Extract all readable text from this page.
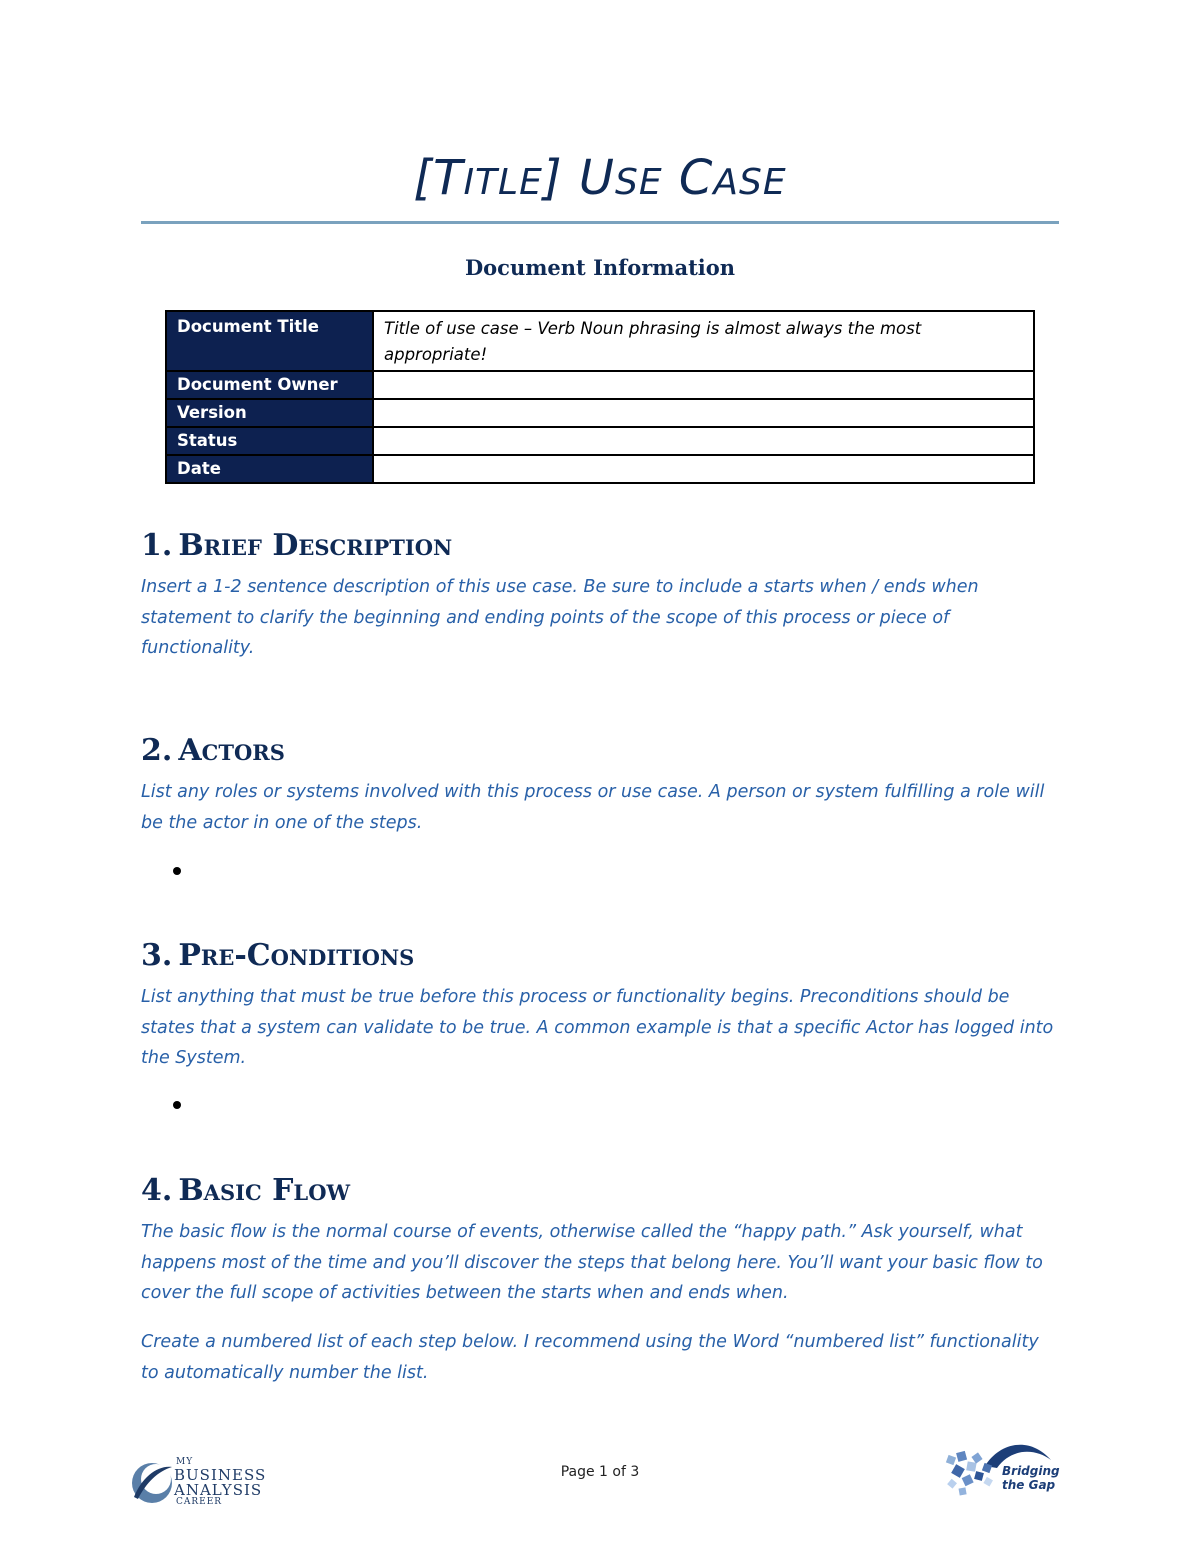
[TITLE] USE CASE
Document Information
Document Title	Title of use case – Verb Noun phrasing is almost always the most appropriate!
Document Owner	
Version	
Status	
Date	
1. Brief Description

Insert a 1-2 sentence description of this use case. Be sure to include a starts when / ends when statement to clarify the beginning and ending points of the scope of this process or piece of functionality.

2. Actors

List any roles or systems involved with this process or use case. A person or system fulfilling a role will be the actor in one of the steps.

3. Pre-Conditions

List anything that must be true before this process or functionality begins. Preconditions should be states that a system can validate to be true. A common example is that a specific Actor has logged into the System.

4. Basic Flow

The basic flow is the normal course of events, otherwise called the “happy path.” Ask yourself, what happens most of the time and you’ll discover the steps that belong here. You’ll want your basic flow to cover the full scope of activities between the starts when and ends when.

Create a numbered list of each step below. I recommend using the Word “numbered list” functionality to automatically number the list.

MY
BUSINESS
ANALYSIS
CAREER
Page 1 of 3	Bridging
the Gap
